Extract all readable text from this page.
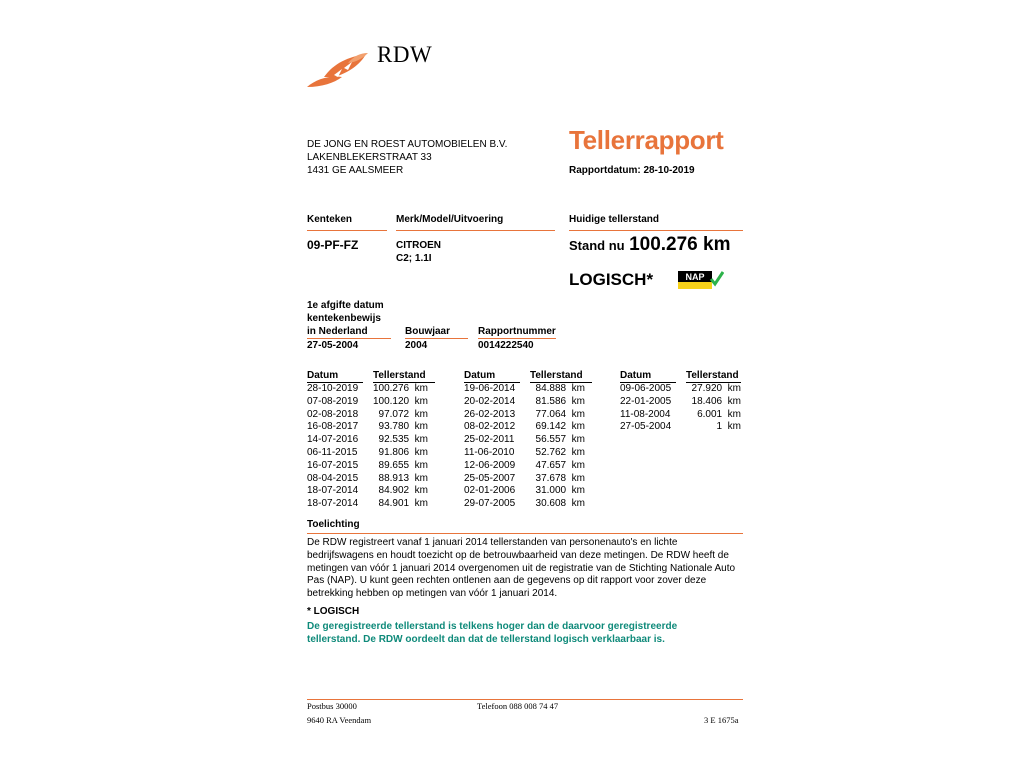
RDW
Tellerrapport
DE JONG EN ROEST AUTOMOBIELEN B.V.
LAKENBLEKERSTRAAT 33
1431 GE AALSMEER	Rapportdatum: 28-10-2019
Kenteken
09-PF-FZ
Merk/Model/Uitvoering
CITROEN
C2; 1.1I
Huidige tellerstand
Stand nu 100.276 km
LOGISCH*	NAP
1e afgifte datum
kentekenbewijs
in Nederland
27-05-2004
Bouwjaar
2004
Rapportnummer
0014222540
Datum	Tellerstand	Datum	Tellerstand	Datum	Tellerstand
28-10-2019	100.276  km
07-08-2019	100.120  km
02-08-2018	97.072  km
16-08-2017	93.780  km
14-07-2016	92.535  km
06-11-2015	91.806  km
16-07-2015	89.655  km
08-04-2015	88.913  km
18-07-2014	84.902  km
18-07-2014	84.901  km
19-06-2014	84.888  km
20-02-2014	81.586  km
26-02-2013	77.064  km
08-02-2012	69.142  km
25-02-2011	56.557  km
11-06-2010	52.762  km
12-06-2009	47.657  km
25-05-2007	37.678  km
02-01-2006	31.000  km
29-07-2005	30.608  km
09-06-2005	27.920  km
22-01-2005	18.406  km
11-08-2004	6.001  km
27-05-2004	1  km
Toelichting
De RDW registreert vanaf 1 januari 2014 tellerstanden van personenauto's en lichte
bedrijfswagens en houdt toezicht op de betrouwbaarheid van deze metingen. De RDW heeft de
metingen van vóór 1 januari 2014 overgenomen uit de registratie van de Stichting Nationale Auto
Pas (NAP). U kunt geen rechten ontlenen aan de gegevens op dit rapport voor zover deze
betrekking hebben op metingen van vóór 1 januari 2014.
* LOGISCH
De geregistreerde tellerstand is telkens hoger dan de daarvoor geregistreerde
tellerstand. De RDW oordeelt dan dat de tellerstand logisch verklaarbaar is.
Postbus 30000	Telefoon 088 008 74 47
9640 RA Veendam	3 E 1675a
